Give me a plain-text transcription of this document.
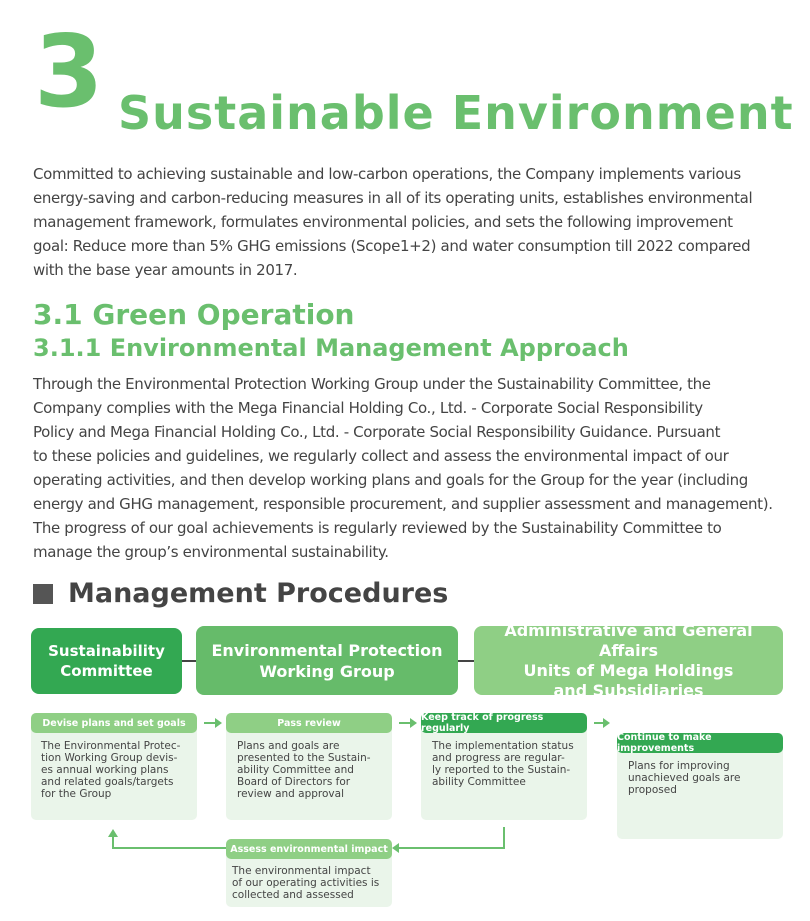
3 Sustainable Environment
Committed to achieving sustainable and low-carbon operations, the Company implements various
energy-saving and carbon-reducing measures in all of its operating units, establishes environmental
management framework, formulates environmental policies, and sets the following improvement
goal: Reduce more than 5% GHG emissions (Scope1+2) and water consumption till 2022 compared
with the base year amounts in 2017.
3.1 Green Operation
3.1.1 Environmental Management Approach
Through the Environmental Protection Working Group under the Sustainability Committee, the
Company complies with the Mega Financial Holding Co., Ltd. - Corporate Social Responsibility
Policy and Mega Financial Holding Co., Ltd. - Corporate Social Responsibility Guidance. Pursuant
to these policies and guidelines, we regularly collect and assess the environmental impact of our
operating activities, and then develop working plans and goals for the Group for the year (including
energy and GHG management, responsible procurement, and supplier assessment and management).
The progress of our goal achievements is regularly reviewed by the Sustainability Committee to
manage the group’s environmental sustainability.
Management Procedures
Sustainability
Committee
Environmental Protection
Working Group
Administrative and General Affairs
Units of Mega Holdings
and Subsidiaries
Devise plans and set goals	Pass review	Keep track of progress regularly
Continue to make improvements
Assess environmental impact
The Environmental Protec-
tion Working Group devis-
es annual working plans
and related goals/targets
for the Group
Plans and goals are
presented to the Sustain-
ability Committee and
Board of Directors for
review and approval
The implementation status
and progress are regular-
ly reported to the Sustain-
ability Committee
Plans for improving
unachieved goals are
proposed
The environmental impact
of our operating activities is
collected and assessed
